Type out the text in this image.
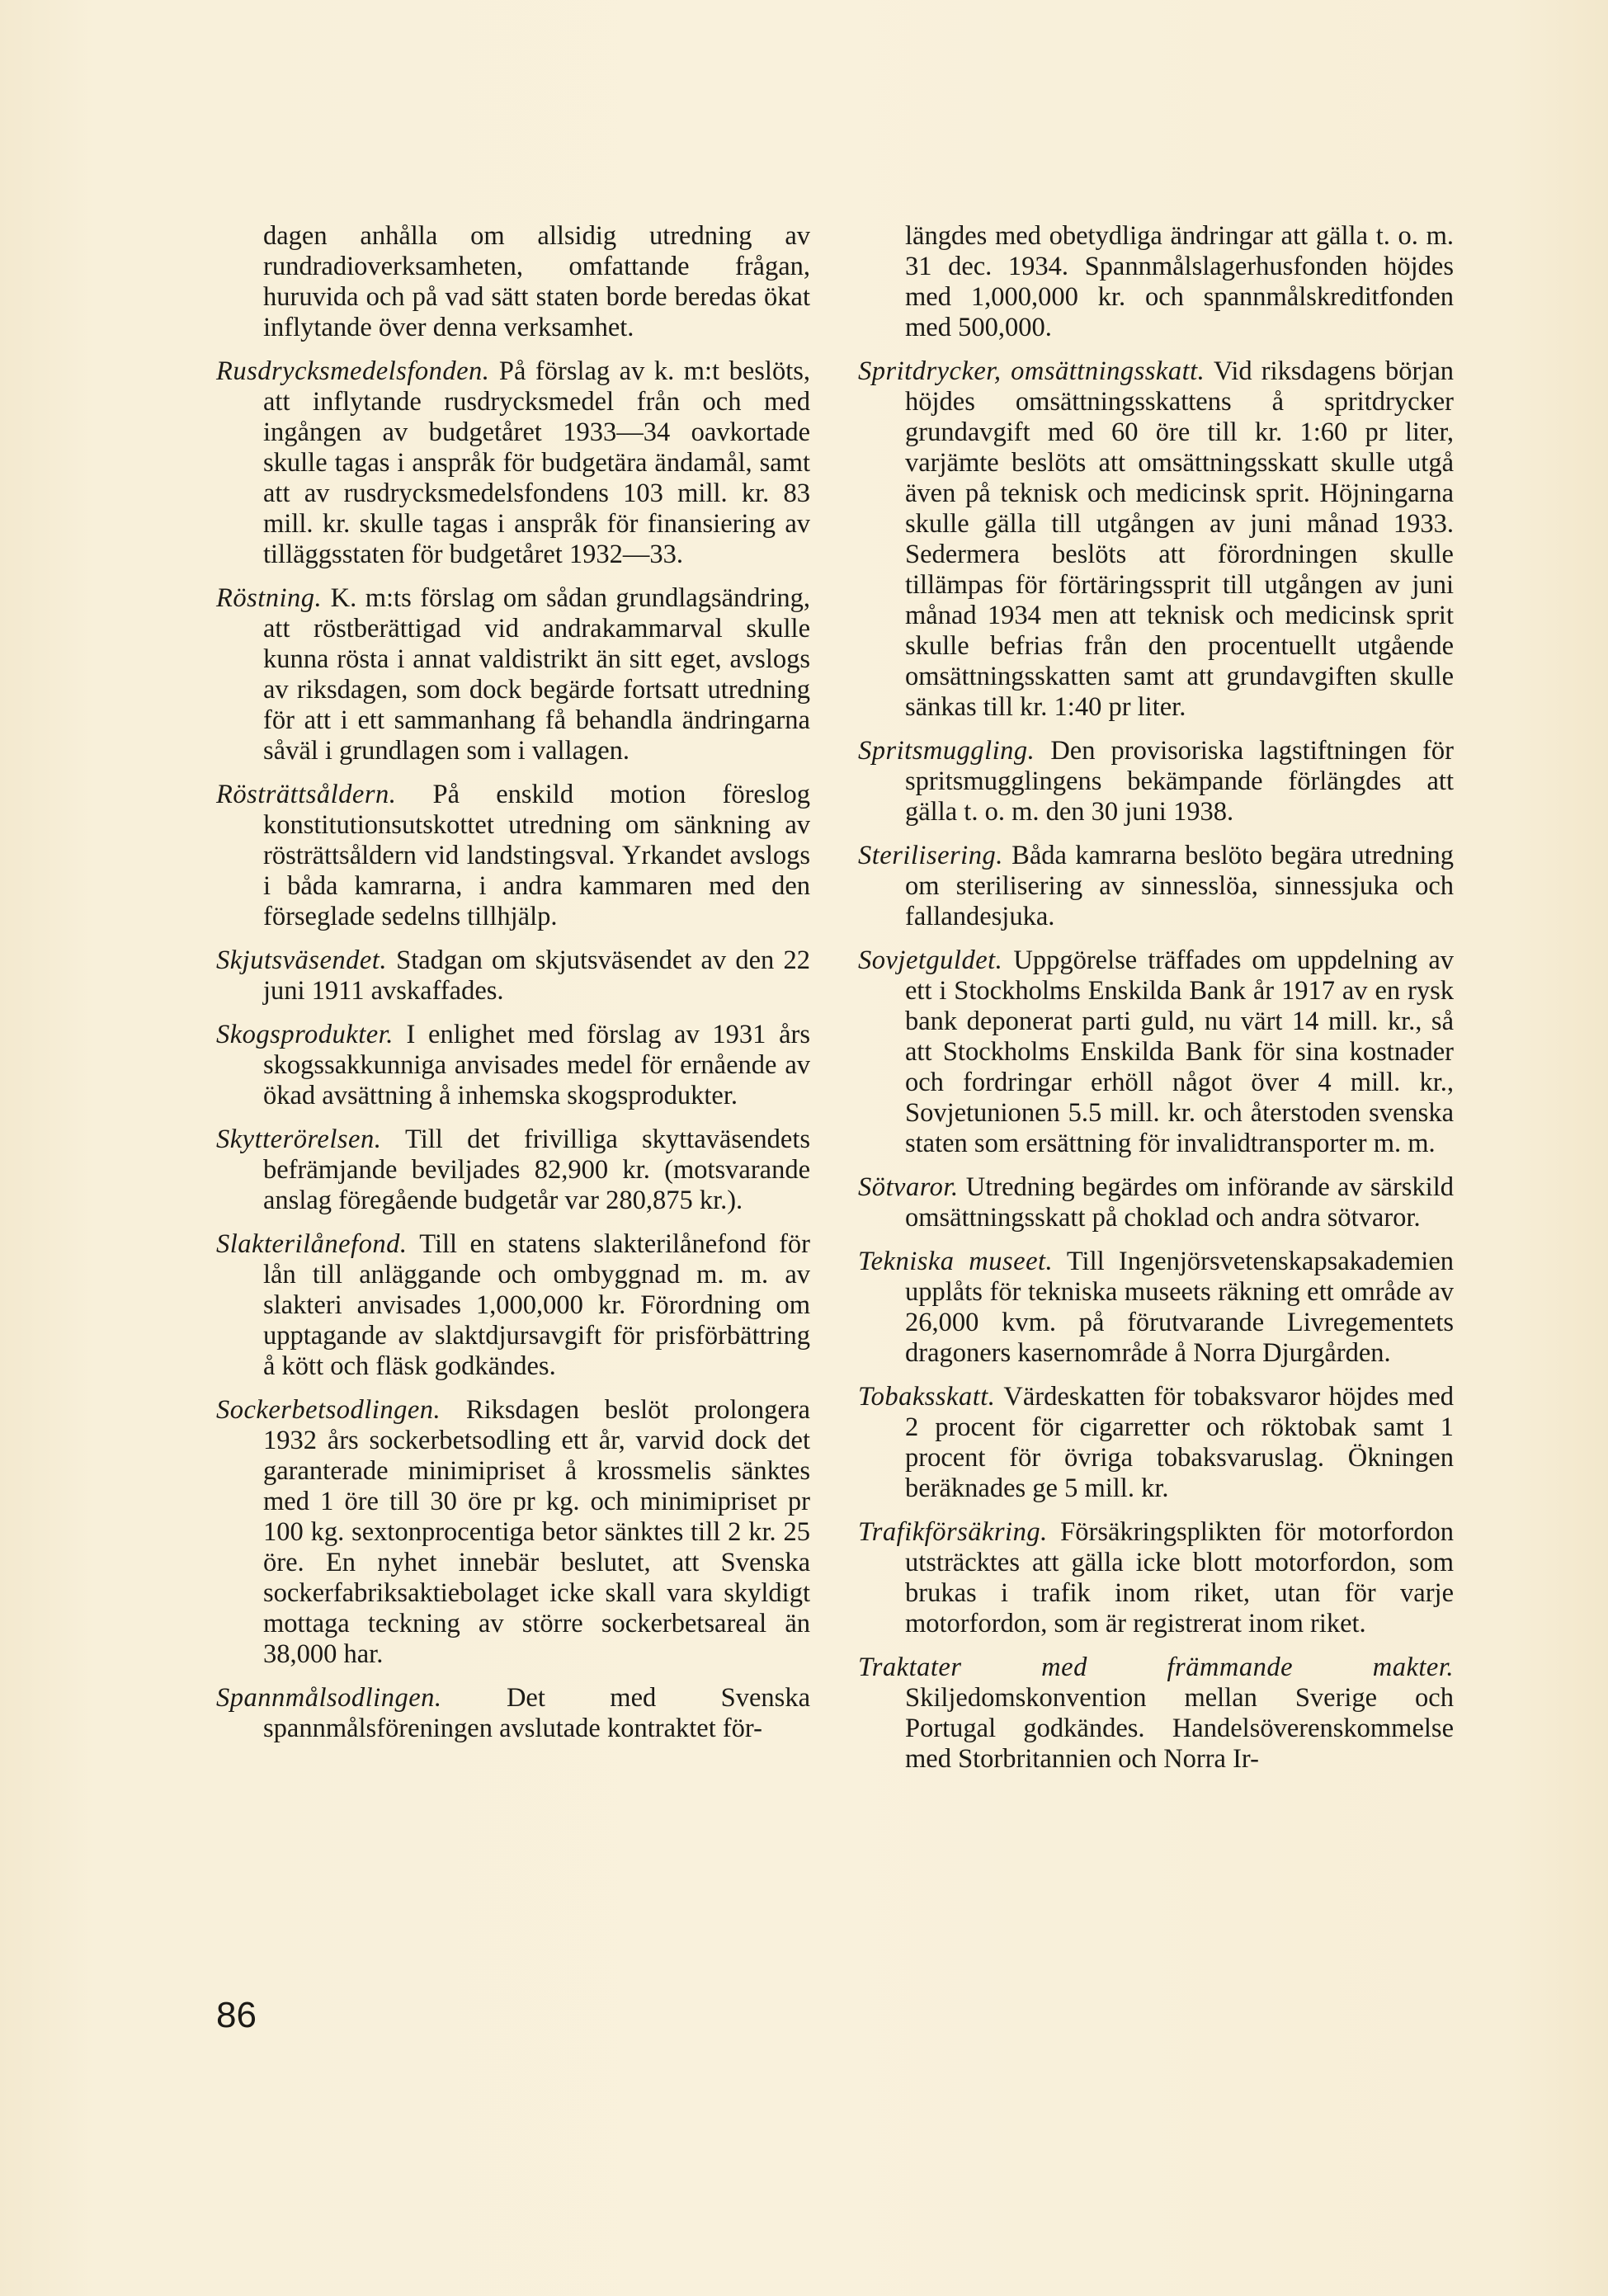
dagen anhålla om allsidig utredning av rundradioverksamheten, omfattande frågan, huruvida och på vad sätt staten borde beredas ökat inflytande över denna verksamhet.

Rusdrycksmedelsfonden. På förslag av k. m:t beslöts, att inflytande rusdrycksmedel från och med ingången av budgetåret 1933—34 oavkortade skulle tagas i anspråk för budgetära ändamål, samt att av rusdrycksmedelsfondens 103 mill. kr. 83 mill. kr. skulle tagas i anspråk för finansiering av tilläggsstaten för budgetåret 1932—33.

Röstning. K. m:ts förslag om sådan grundlagsändring, att röstberättigad vid andrakammarval skulle kunna rösta i annat valdistrikt än sitt eget, avslogs av riksdagen, som dock begärde fortsatt utredning för att i ett sammanhang få behandla ändringarna såväl i grundlagen som i vallagen.

Rösträttsåldern. På enskild motion föreslog konstitutionsutskottet utredning om sänkning av rösträttsåldern vid landstingsval. Yrkandet avslogs i båda kamrarna, i andra kammaren med den förseglade sedelns tillhjälp.

Skjutsväsendet. Stadgan om skjutsväsendet av den 22 juni 1911 avskaffades.

Skogsprodukter. I enlighet med förslag av 1931 års skogssakkunniga anvisades medel för ernående av ökad avsättning å inhemska skogsprodukter.

Skytterörelsen. Till det frivilliga skyttaväsendets befrämjande beviljades 82,900 kr. (motsvarande anslag föregående budgetår var 280,875 kr.).

Slakterilånefond. Till en statens slakterilånefond för lån till anläggande och ombyggnad m. m. av slakteri anvisades 1,000,000 kr. Förordning om upptagande av slaktdjursavgift för prisförbättring å kött och fläsk godkändes.

Sockerbetsodlingen. Riksdagen beslöt prolongera 1932 års sockerbetsodling ett år, varvid dock det garanterade minimipriset å krossmelis sänktes med 1 öre till 30 öre pr kg. och minimipriset pr 100 kg. sextonprocentiga betor sänktes till 2 kr. 25 öre. En nyhet innebär beslutet, att Svenska sockerfabriksaktiebolaget icke skall vara skyldigt mottaga teckning av större sockerbetsareal än 38,000 har.

Spannmålsodlingen. Det med Svenska spannmålsföreningen avslutade kontraktet för-

längdes med obetydliga ändringar att gälla t. o. m. 31 dec. 1934. Spannmålslagerhusfonden höjdes med 1,000,000 kr. och spannmålskreditfonden med 500,000.

Spritdrycker, omsättningsskatt. Vid riksdagens början höjdes omsättningsskattens å spritdrycker grundavgift med 60 öre till kr. 1:60 pr liter, varjämte beslöts att omsättningsskatt skulle utgå även på teknisk och medicinsk sprit. Höjningarna skulle gälla till utgången av juni månad 1933. Sedermera beslöts att förordningen skulle tillämpas för förtäringssprit till utgången av juni månad 1934 men att teknisk och medicinsk sprit skulle befrias från den procentuellt utgående omsättningsskatten samt att grundavgiften skulle sänkas till kr. 1:40 pr liter.

Spritsmuggling. Den provisoriska lagstiftningen för spritsmugglingens bekämpande förlängdes att gälla t. o. m. den 30 juni 1938.

Sterilisering. Båda kamrarna beslöto begära utredning om sterilisering av sinnesslöa, sinnessjuka och fallandesjuka.

Sovjetguldet. Uppgörelse träffades om uppdelning av ett i Stockholms Enskilda Bank år 1917 av en rysk bank deponerat parti guld, nu värt 14 mill. kr., så att Stockholms Enskilda Bank för sina kostnader och fordringar erhöll något över 4 mill. kr., Sovjetunionen 5.5 mill. kr. och återstoden svenska staten som ersättning för invalidtransporter m. m.

Sötvaror. Utredning begärdes om införande av särskild omsättningsskatt på choklad och andra sötvaror.

Tekniska museet. Till Ingenjörsvetenskapsakademien upplåts för tekniska museets räkning ett område av 26,000 kvm. på förutvarande Livregementets dragoners kasernområde å Norra Djurgården.

Tobaksskatt. Värdeskatten för tobaksvaror höjdes med 2 procent för cigarretter och röktobak samt 1 procent för övriga tobaksvaruslag. Ökningen beräknades ge 5 mill. kr.

Trafikförsäkring. Försäkringsplikten för motorfordon utsträcktes att gälla icke blott motorfordon, som brukas i trafik inom riket, utan för varje motorfordon, som är registrerat inom riket.

Traktater med främmande makter. Skiljedomskonvention mellan Sverige och Portugal godkändes. Handelsöverenskommelse med Storbritannien och Norra Ir-

86
